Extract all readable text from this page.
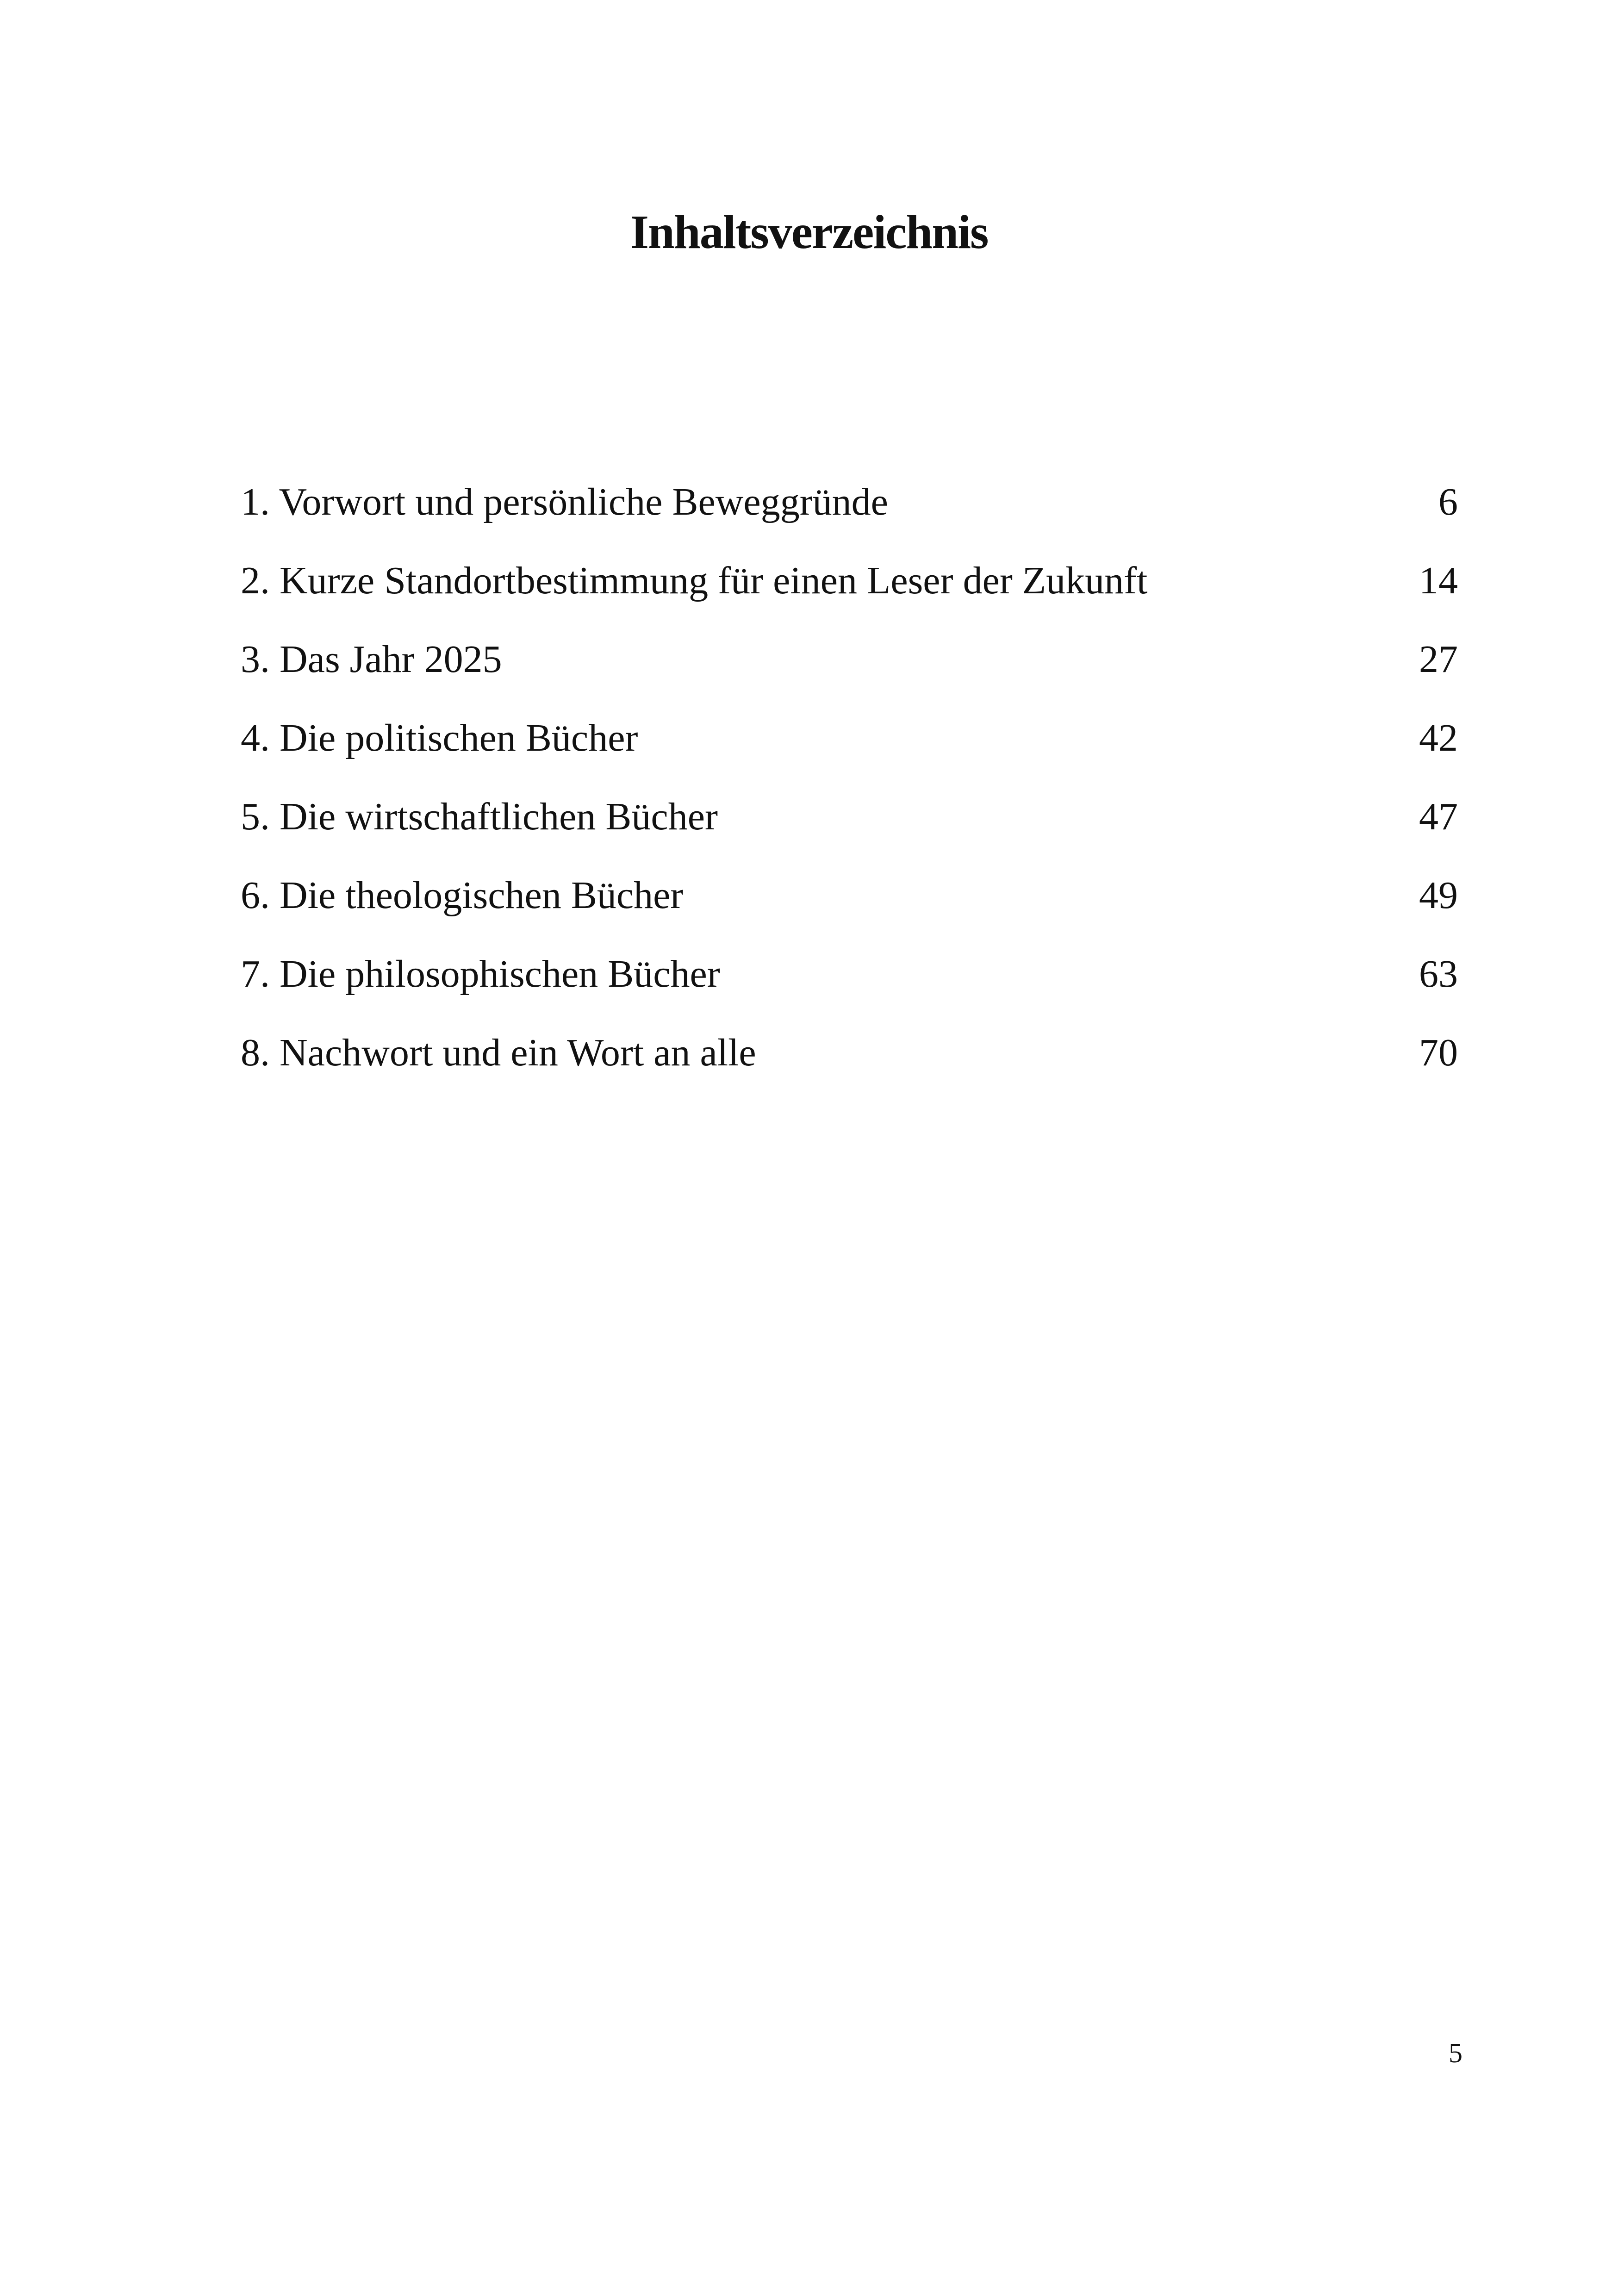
Inhaltsverzeichnis
1. Vorwort und persönliche Beweggründe	6
2. Kurze Standortbestimmung für einen Leser der Zukunft	14
3. Das Jahr 2025	27
4. Die politischen Bücher	42
5. Die wirtschaftlichen Bücher	47
6. Die theologischen Bücher	49
7. Die philosophischen Bücher	63
8. Nachwort und ein Wort an alle	70
5
